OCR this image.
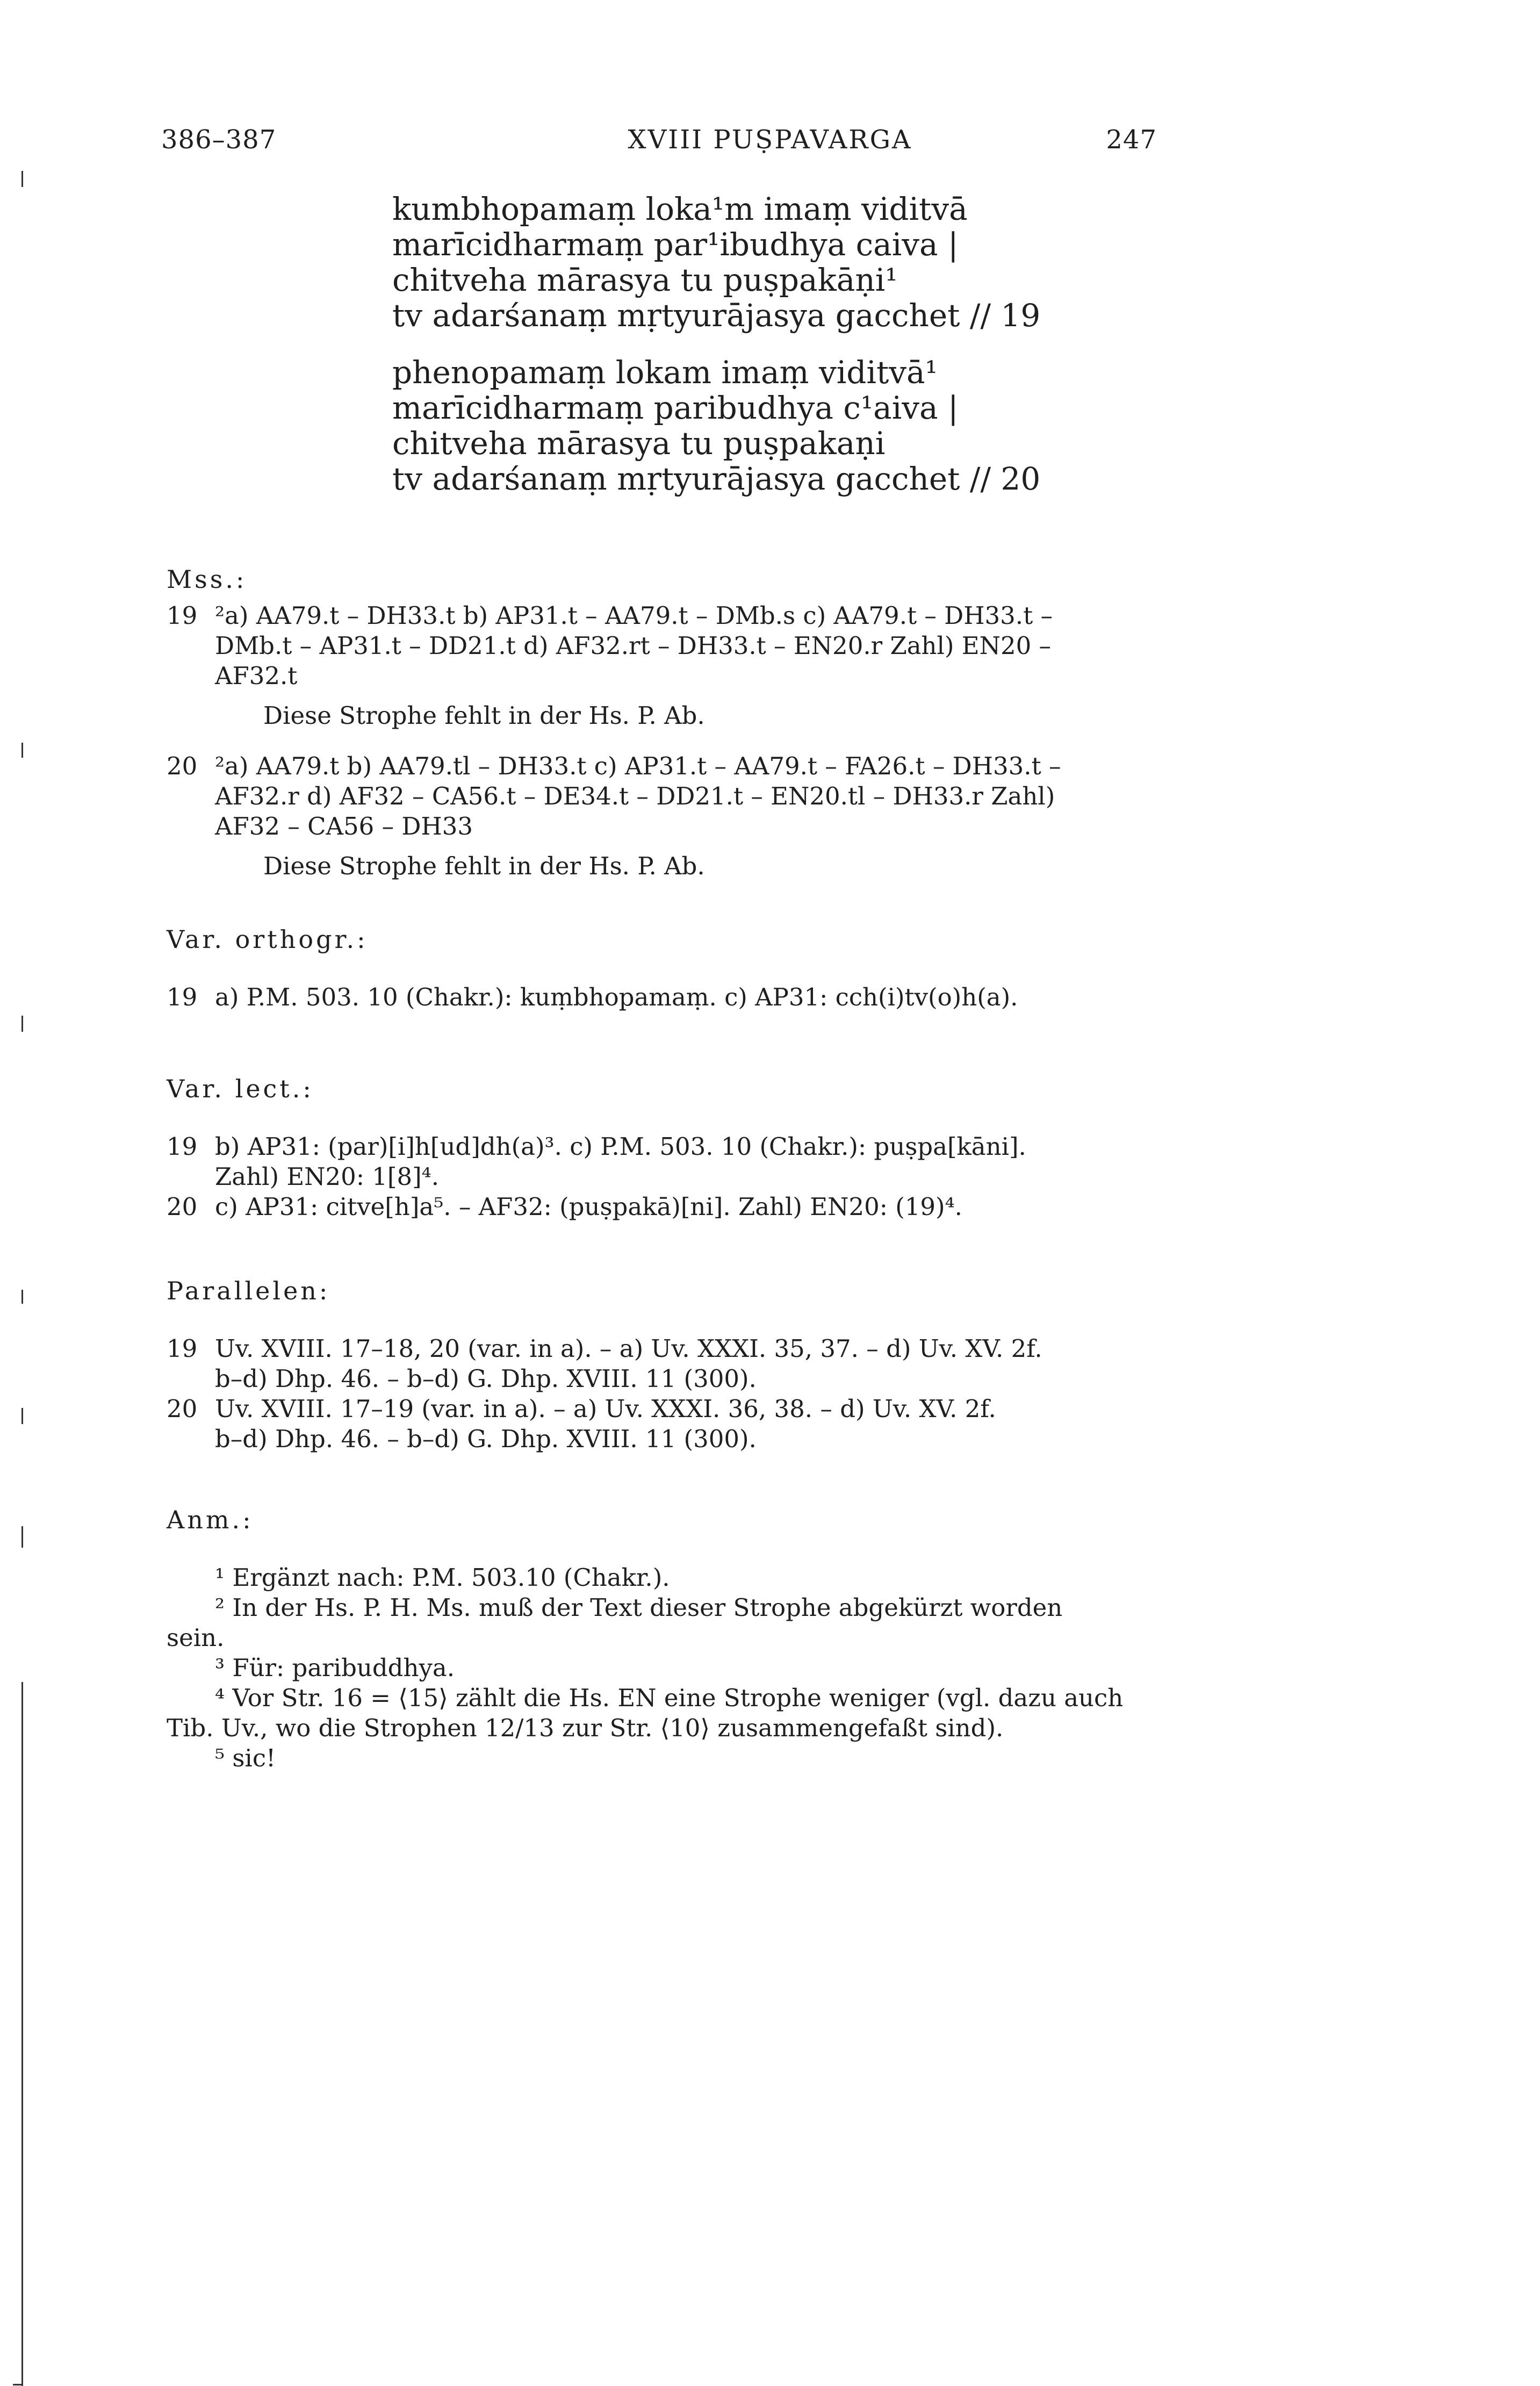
XVIII PUṢPAVARGA
386–387	247
kumbhopamaṃ loka¹m imaṃ viditvā
marīcidharmaṃ par¹ibudhya caiva |
chitveha mārasya tu puṣpakāṇi¹
tv adarśanaṃ mṛtyurājasya gacchet // 19
phenopamaṃ lokam imaṃ viditvā¹
marīcidharmaṃ paribudhya c¹aiva |
chitveha mārasya tu puṣpakaṇi
tv adarśanaṃ mṛtyurājasya gacchet // 20
Mss.:
19 ²a) AA79.t – DH33.t b) AP31.t – AA79.t – DMb.s c) AA79.t – DH33.t –
DMb.t – AP31.t – DD21.t d) AF32.rt – DH33.t – EN20.r Zahl) EN20 –
AF32.t
Diese Strophe fehlt in der Hs. P. Ab.
20 ²a) AA79.t b) AA79.tl – DH33.t c) AP31.t – AA79.t – FA26.t – DH33.t –
AF32.r d) AF32 – CA56.t – DE34.t – DD21.t – EN20.tl – DH33.r Zahl)
AF32 – CA56 – DH33
Diese Strophe fehlt in der Hs. P. Ab.
Var. orthogr.:
19 a) P.M. 503. 10 (Chakr.): kuṃbhopamaṃ. c) AP31: cch(i)tv(o)h(a).
Var. lect.:
19 b) AP31: (par)[i]h[ud]dh(a)³. c) P.M. 503. 10 (Chakr.): puṣpa[kāni].
Zahl) EN20: 1[8]⁴.
20 c) AP31: citve[h]a⁵. – AF32: (puṣpakā)[ni]. Zahl) EN20: (19)⁴.
Parallelen:
19 Uv. XVIII. 17–18, 20 (var. in a). – a) Uv. XXXI. 35, 37. – d) Uv. XV. 2f.
b–d) Dhp. 46. – b–d) G. Dhp. XVIII. 11 (300).
20 Uv. XVIII. 17–19 (var. in a). – a) Uv. XXXI. 36, 38. – d) Uv. XV. 2f.
b–d) Dhp. 46. – b–d) G. Dhp. XVIII. 11 (300).
Anm.:
¹ Ergänzt nach: P.M. 503.10 (Chakr.).
² In der Hs. P. H. Ms. muß der Text dieser Strophe abgekürzt worden
sein.
³ Für: paribuddhya.
⁴ Vor Str. 16 = ⟨15⟩ zählt die Hs. EN eine Strophe weniger (vgl. dazu auch
Tib. Uv., wo die Strophen 12/13 zur Str. ⟨10⟩ zusammengefaßt sind).
⁵ sic!
